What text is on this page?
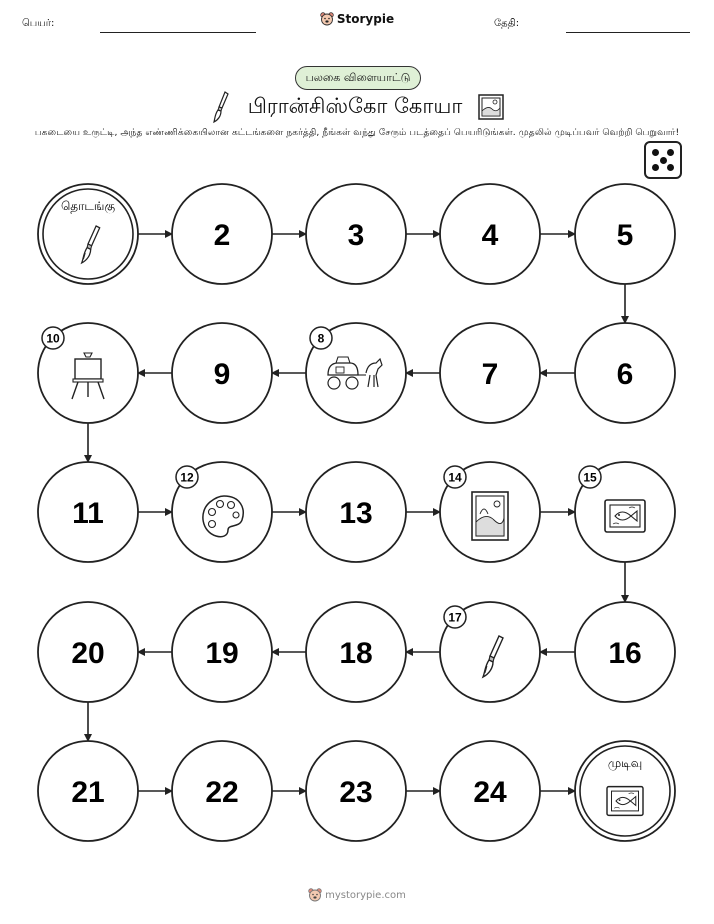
பெயர்:	Storypie	தேதி:
பலகை விளையாட்டு
பிரான்சிஸ்கோ கோயா
பகடையை உருட்டி, அந்த எண்ணிக்கையிலான கட்டங்களை நகர்த்தி, நீங்கள் வந்து சேரும் படத்தைப் பெயரிடுங்கள். முதலில் முடிப்பவர் வெற்றி பெறுவார்!
தொடங்கு
2	3	4	5
6
7
8
9
10
11
12
13
14	15
16
17
18
19
20
21	22	23	24
முடிவு
mystorypie.com
